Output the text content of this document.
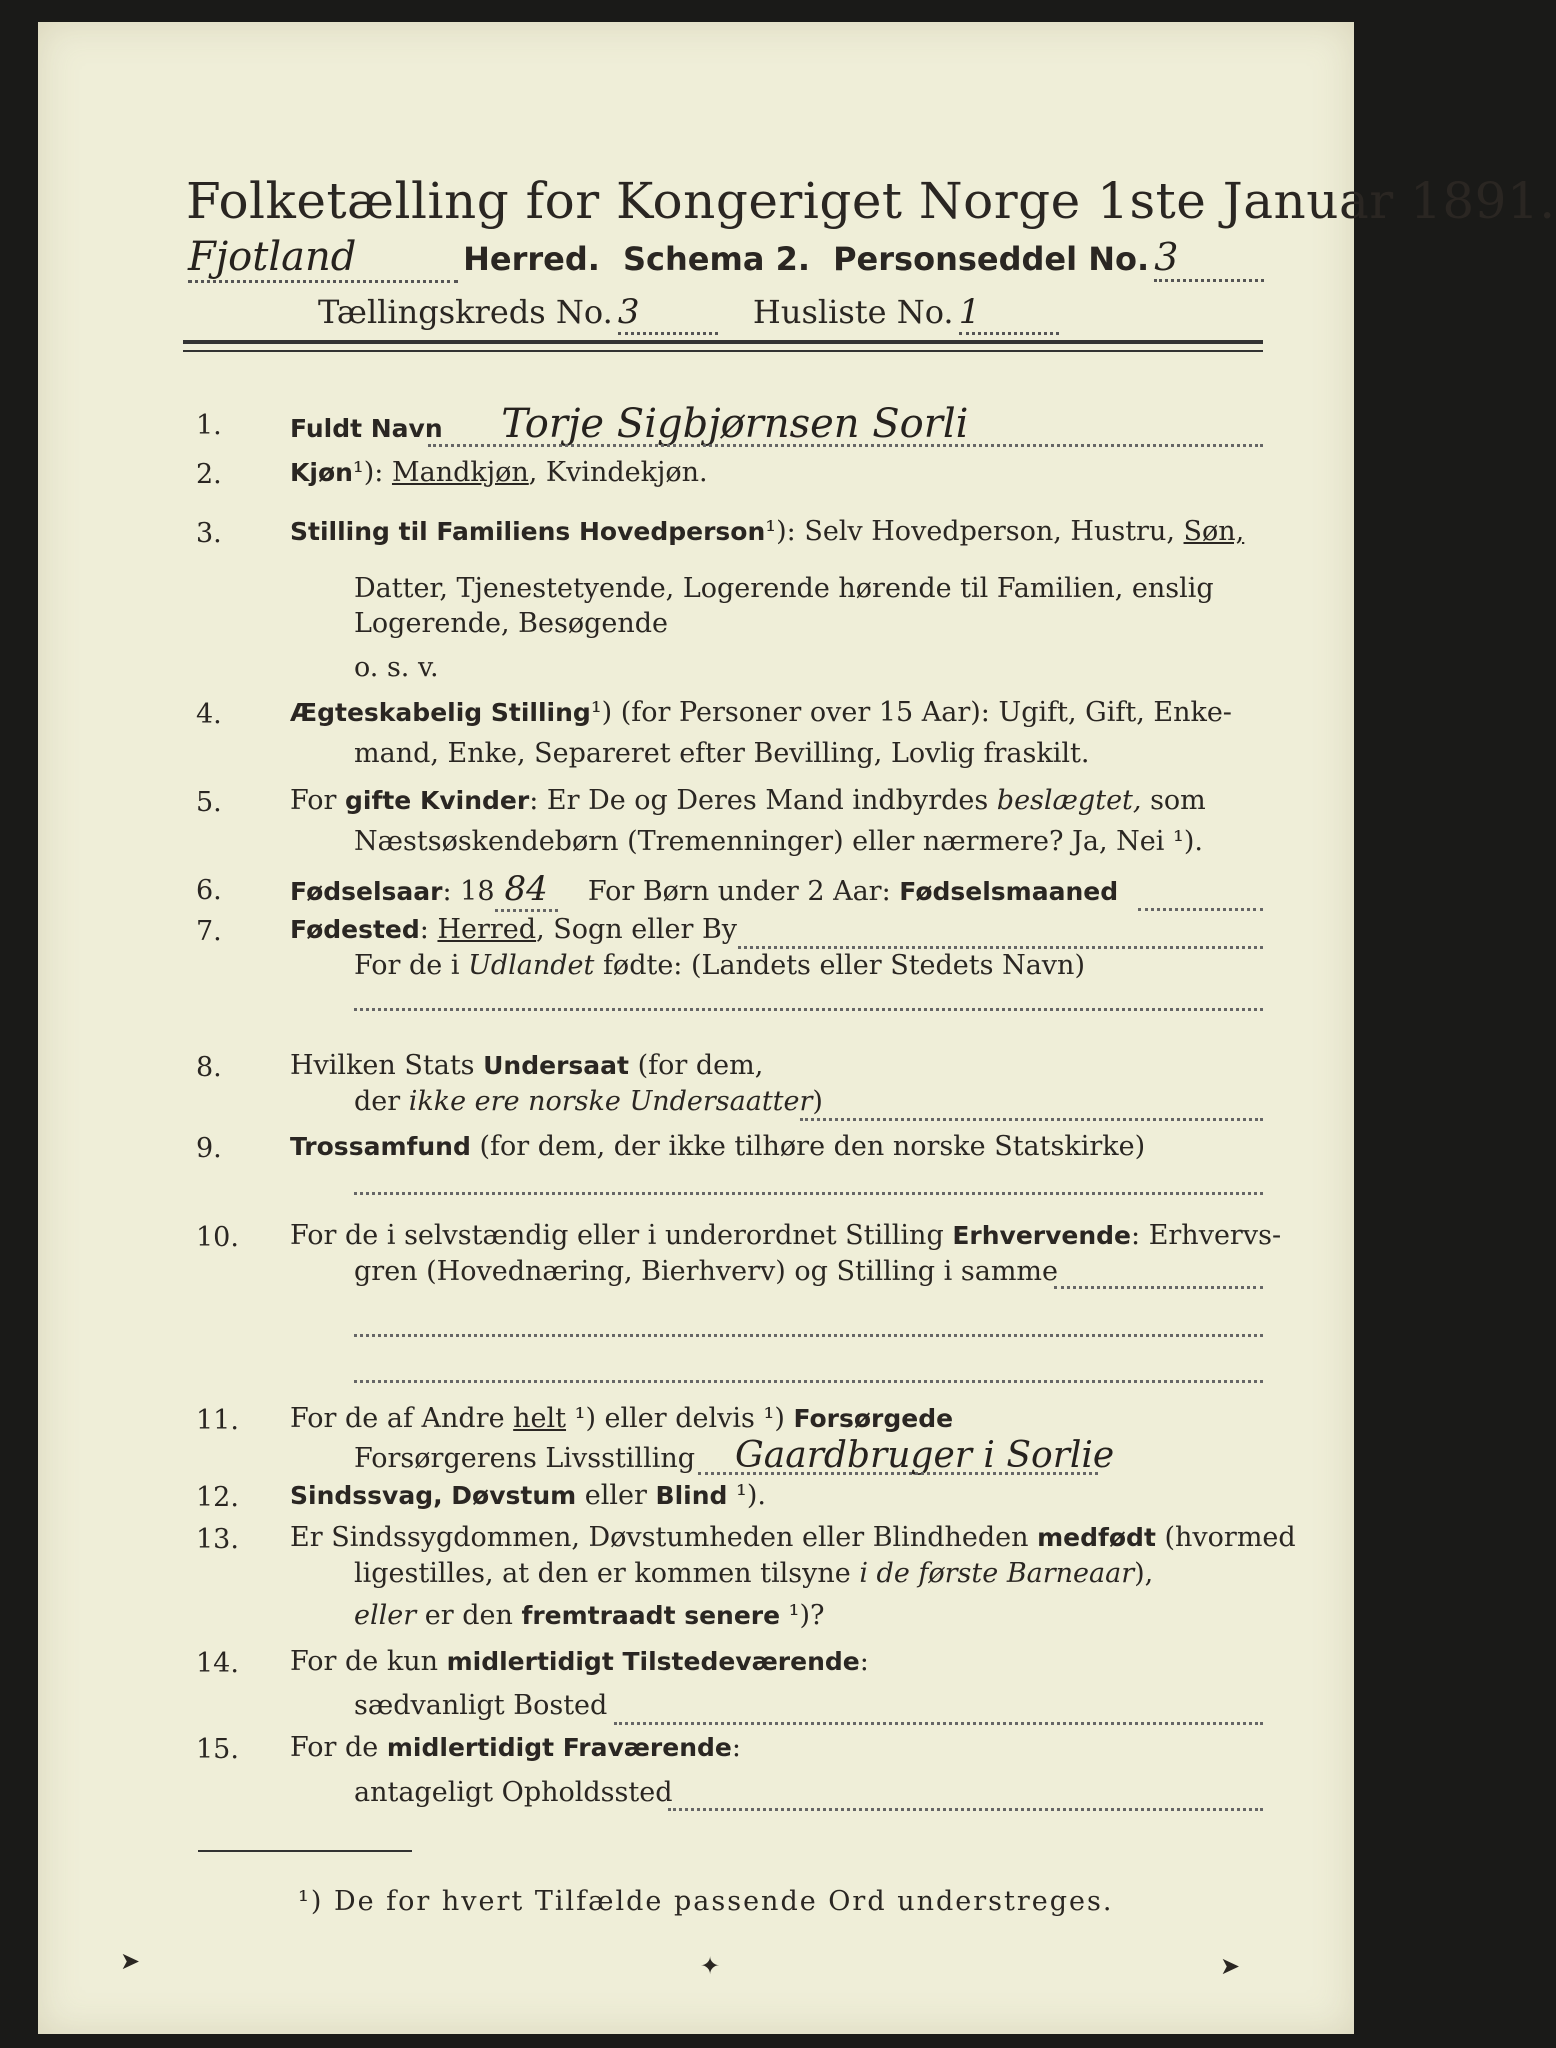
Folketælling for Kongeriget Norge 1ste Januar 1891.
Fjotland	Herred. Schema 2. Personseddel No. 3
Tællingskreds No. 3	Husliste No. 1
1.	Fuldt Navn Torje Sigbjørnsen Sorli
2.	Kjøn¹): Mandkjøn, Kvindekjøn.
3.	Stilling til Familiens Hovedperson¹): Selv Hovedperson, Hustru, Søn,
Datter, Tjenestetyende, Logerende hørende til Familien, enslig
Logerende, Besøgende
o. s. v.
4.	Ægteskabelig Stilling¹) (for Personer over 15 Aar): Ugift, Gift, Enke-
mand, Enke, Separeret efter Bevilling, Lovlig fraskilt.
5.	For gifte Kvinder: Er De og Deres Mand indbyrdes beslægtet, som
Næstsøskendebørn (Tremenninger) eller nærmere? Ja, Nei ¹).
6.	Fødselsaar: 18 84 For Børn under 2 Aar: Fødselsmaaned
7.	Fødested: Herred, Sogn eller By
For de i Udlandet fødte: (Landets eller Stedets Navn)
8.	Hvilken Stats Undersaat (for dem,
der ikke ere norske Undersaatter)
9.	Trossamfund (for dem, der ikke tilhøre den norske Statskirke)
10. For de i selvstændig eller i underordnet Stilling Erhvervende: Erhvervs-
gren (Hovednæring, Bierhverv) og Stilling i samme
11. For de af Andre helt ¹) eller delvis ¹) Forsørgede
Forsørgerens Livsstilling Gaardbruger i Sorlie
12. Sindssvag, Døvstum eller Blind ¹).
13. Er Sindssygdommen, Døvstumheden eller Blindheden medfødt (hvormed
ligestilles, at den er kommen tilsyne i de første Barneaar),
eller er den fremtraadt senere ¹)?
14. For de kun midlertidigt Tilstedeværende:
sædvanligt Bosted
15. For de midlertidigt Fraværende:
antageligt Opholdssted
¹) De for hvert Tilfælde passende Ord understreges.
➤	✦	➤
